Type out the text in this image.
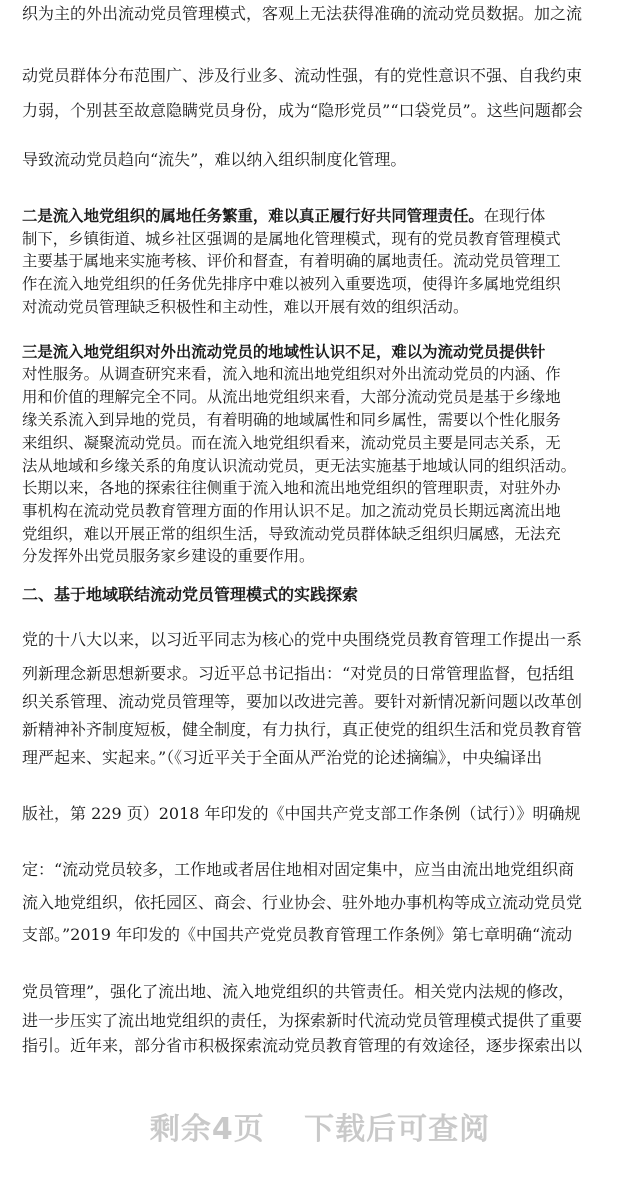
织为主的外出流动党员管理模式，客观上无法获得准确的流动党员数据。加之流
动党员群体分布范围广、涉及行业多、流动性强，有的党性意识不强、自我约束
力弱，个别甚至故意隐瞒党员身份，成为“隐形党员”“口袋党员”。这些问题都会
导致流动党员趋向“流失”，难以纳入组织制度化管理。
二是流入地党组织的属地任务繁重，难以真正履行好共同管理责任。在现行体
制下，乡镇街道、城乡社区强调的是属地化管理模式，现有的党员教育管理模式
主要基于属地来实施考核、评价和督查，有着明确的属地责任。流动党员管理工
作在流入地党组织的任务优先排序中难以被列入重要选项，使得许多属地党组织
对流动党员管理缺乏积极性和主动性，难以开展有效的组织活动。
三是流入地党组织对外出流动党员的地域性认识不足，难以为流动党员提供针
对性服务。从调查研究来看，流入地和流出地党组织对外出流动党员的内涵、作
用和价值的理解完全不同。从流出地党组织来看，大部分流动党员是基于乡缘地
缘关系流入到异地的党员，有着明确的地域属性和同乡属性，需要以个性化服务
来组织、凝聚流动党员。而在流入地党组织看来，流动党员主要是同志关系，无
法从地域和乡缘关系的角度认识流动党员，更无法实施基于地域认同的组织活动。
长期以来，各地的探索往往侧重于流入地和流出地党组织的管理职责，对驻外办
事机构在流动党员教育管理方面的作用认识不足。加之流动党员长期远离流出地
党组织，难以开展正常的组织生活，导致流动党员群体缺乏组织归属感，无法充
分发挥外出党员服务家乡建设的重要作用。
二、基于地域联结流动党员管理模式的实践探索
党的十八大以来，以习近平同志为核心的党中央围绕党员教育管理工作提出一系
列新理念新思想新要求。习近平总书记指出：“对党员的日常管理监督，包括组
织关系管理、流动党员管理等，要加以改进完善。要针对新情况新问题以改革创
新精神补齐制度短板，健全制度，有力执行，真正使党的组织生活和党员教育管
理严起来、实起来。”（《习近平关于全面从严治党的论述摘编》，中央编译出
版社，第 229 页）2018 年印发的《中国共产党支部工作条例（试行）》明确规
定：“流动党员较多，工作地或者居住地相对固定集中，应当由流出地党组织商
流入地党组织，依托园区、商会、行业协会、驻外地办事机构等成立流动党员党
支部。”2019 年印发的《中国共产党党员教育管理工作条例》第七章明确“流动
党员管理”，强化了流出地、流入地党组织的共管责任。相关党内法规的修改，
进一步压实了流出地党组织的责任，为探索新时代流动党员管理模式提供了重要
指引。近年来，部分省市积极探索流动党员教育管理的有效途径，逐步探索出以
剩余4页 下载后可查阅
